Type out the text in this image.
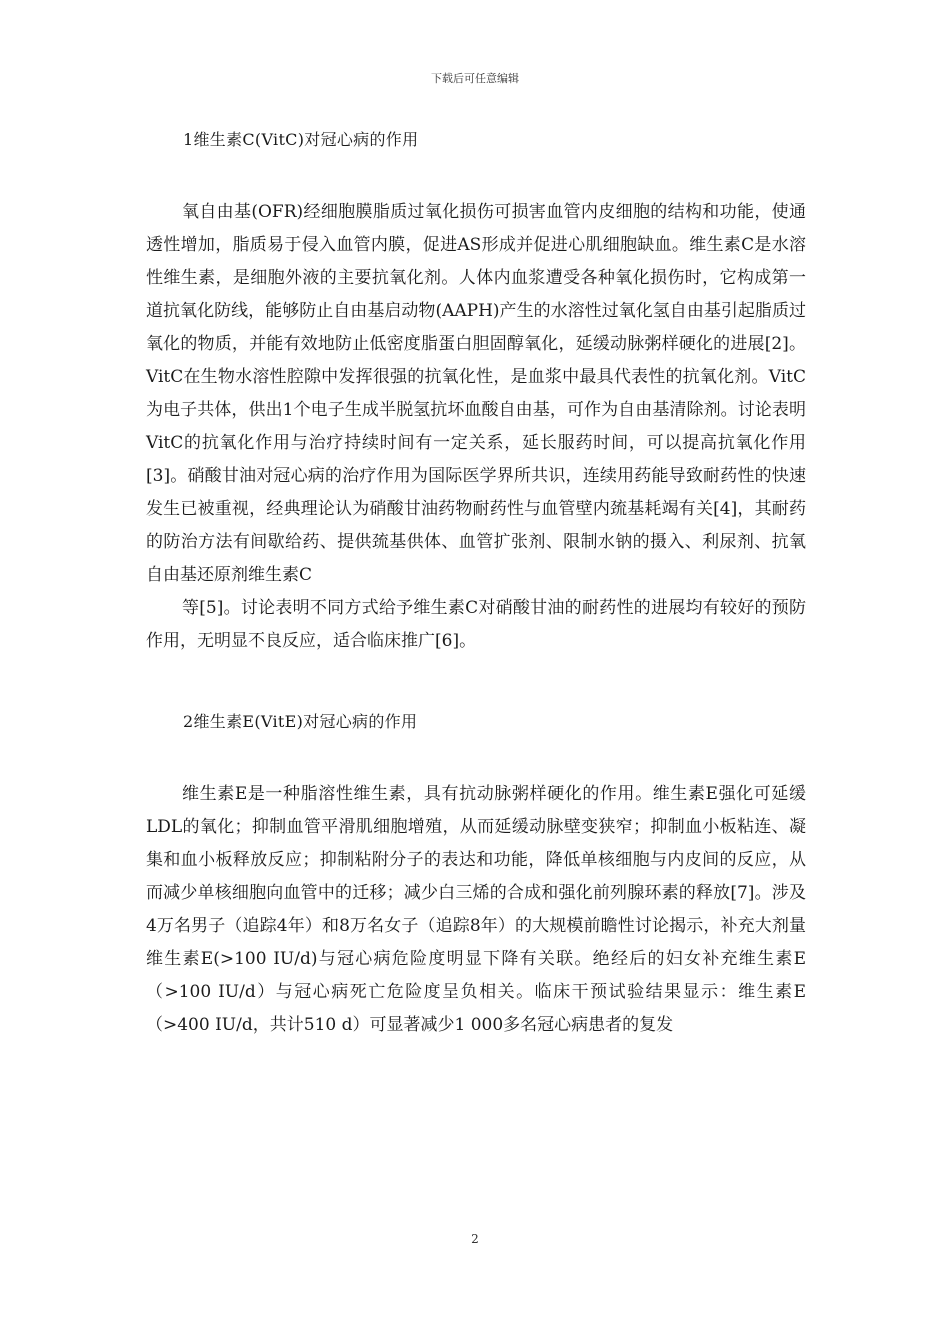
下载后可任意编辑
1维生素C(VitC)对冠心病的作用

氧自由基(OFR)经细胞膜脂质过氧化损伤可损害血管内皮细胞的结构和功能，使通透性增加，脂质易于侵入血管内膜，促进AS形成并促进心肌细胞缺血。维生素C是水溶性维生素，是细胞外液的主要抗氧化剂。人体内血浆遭受各种氧化损伤时，它构成第一道抗氧化防线，能够防止自由基启动物(AAPH)产生的水溶性过氧化氢自由基引起脂质过氧化的物质，并能有效地防止低密度脂蛋白胆固醇氧化，延缓动脉粥样硬化的进展[2]。VitC在生物水溶性腔隙中发挥很强的抗氧化性，是血浆中最具代表性的抗氧化剂。VitC为电子共体，供出1个电子生成半脱氢抗坏血酸自由基，可作为自由基清除剂。讨论表明VitC的抗氧化作用与治疗持续时间有一定关系，延长服药时间，可以提高抗氧化作用[3]。硝酸甘油对冠心病的治疗作用为国际医学界所共识，连续用药能导致耐药性的快速发生已被重视，经典理论认为硝酸甘油药物耐药性与血管壁内巯基耗竭有关[4]，其耐药的防治方法有间歇给药、提供巯基供体、血管扩张剂、限制水钠的摄入、利尿剂、抗氧自由基还原剂维生素C

等[5]。讨论表明不同方式给予维生素C对硝酸甘油的耐药性的进展均有较好的预防作用，无明显不良反应，适合临床推广[6]。

2维生素E(VitE)对冠心病的作用

维生素E是一种脂溶性维生素，具有抗动脉粥样硬化的作用。维生素E强化可延缓LDL的氧化；抑制血管平滑肌细胞增殖，从而延缓动脉壁变狭窄；抑制血小板粘连、凝集和血小板释放反应；抑制粘附分子的表达和功能，降低单核细胞与内皮间的反应，从而减少单核细胞向血管中的迁移；减少白三烯的合成和强化前列腺环素的释放[7]。涉及4万名男子（追踪4年）和8万名女子（追踪8年）的大规模前瞻性讨论揭示，补充大剂量维生素E(>100 IU/d)与冠心病危险度明显下降有关联。绝经后的妇女补充维生素E（>100 IU/d）与冠心病死亡危险度呈负相关。临床干预试验结果显示：维生素E（>400 IU/d，共计510 d）可显著减少1 000多名冠心病患者的复发

2
